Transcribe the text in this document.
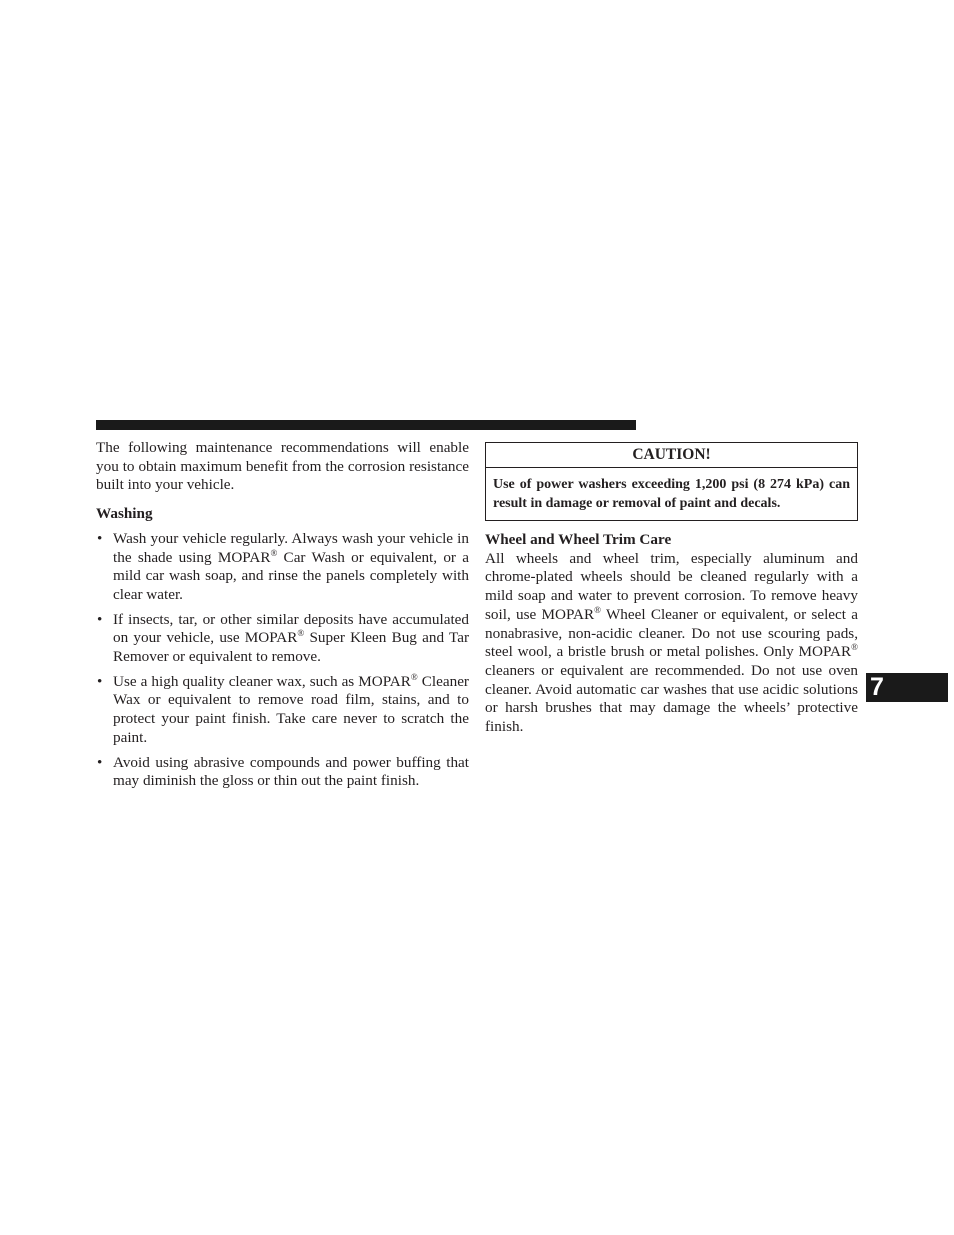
The following maintenance recommendations will enable you to obtain maximum benefit from the corrosion resistance built into your vehicle.

Washing

• Wash your vehicle regularly. Always wash your vehicle in the shade using MOPAR® Car Wash or equivalent, or a mild car wash soap, and rinse the panels completely with clear water.
• If insects, tar, or other similar deposits have accumulated on your vehicle, use MOPAR® Super Kleen Bug and Tar Remover or equivalent to remove.
• Use a high quality cleaner wax, such as MOPAR® Cleaner Wax or equivalent to remove road film, stains, and to protect your paint finish. Take care never to scratch the paint.
• Avoid using abrasive compounds and power buffing that may diminish the gloss or thin out the paint finish.
CAUTION!
Use of power washers exceeding 1,200 psi (8 274 kPa) can result in damage or removal of paint and decals.

Wheel and Wheel Trim Care

All wheels and wheel trim, especially aluminum and chrome-plated wheels should be cleaned regularly with a mild soap and water to prevent corrosion. To remove heavy soil, use MOPAR® Wheel Cleaner or equivalent, or select a nonabrasive, non-acidic cleaner. Do not use scouring pads, steel wool, a bristle brush or metal polishes. Only MOPAR® cleaners or equivalent are recommended. Do not use oven cleaner. Avoid automatic car washes that use acidic solutions or harsh brushes that may damage the wheels’ protective finish.

7
